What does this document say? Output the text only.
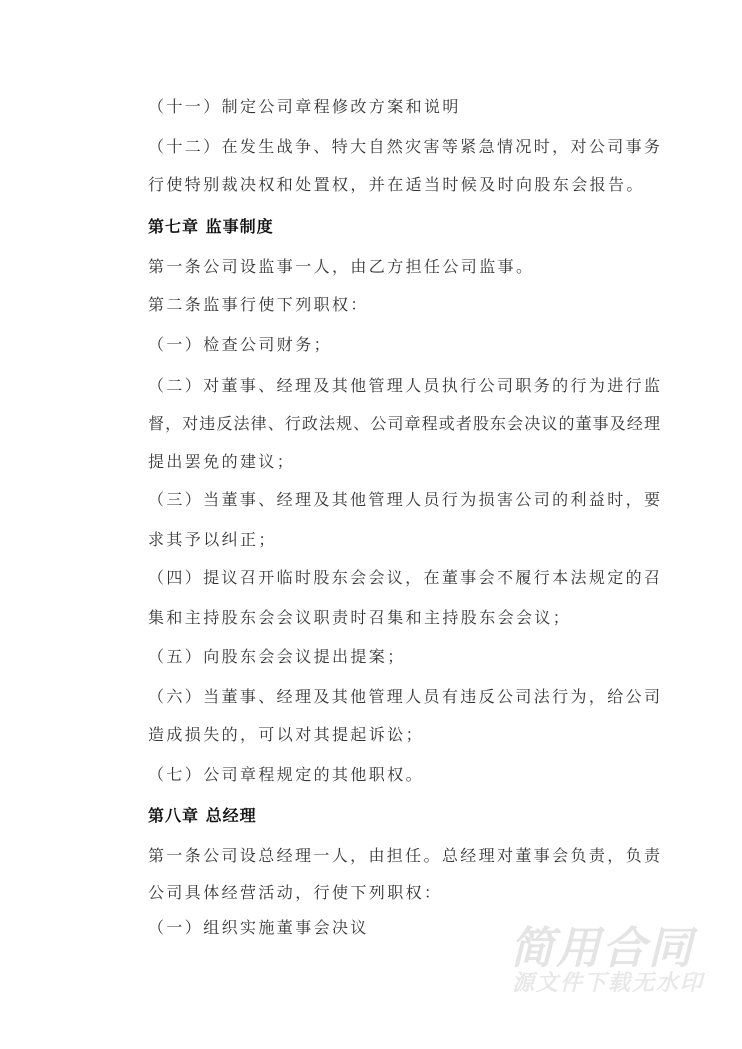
（十一）制定公司章程修改方案和说明
（十二）在发生战争、特大自然灾害等紧急情况时，对公司事务
行使特别裁决权和处置权，并在适当时候及时向股东会报告。
第七章 监事制度
第一条公司设监事一人，由乙方担任公司监事。
第二条监事行使下列职权：
（一）检查公司财务；
（二）对董事、经理及其他管理人员执行公司职务的行为进行监
督，对违反法律、行政法规、公司章程或者股东会决议的董事及经理
提出罢免的建议；
（三）当董事、经理及其他管理人员行为损害公司的利益时，要
求其予以纠正；
（四）提议召开临时股东会会议，在董事会不履行本法规定的召
集和主持股东会会议职责时召集和主持股东会会议；
（五）向股东会会议提出提案；
（六）当董事、经理及其他管理人员有违反公司法行为，给公司
造成损失的，可以对其提起诉讼；
（七）公司章程规定的其他职权。
第八章 总经理
第一条公司设总经理一人，由担任。总经理对董事会负责，负责
公司具体经营活动，行使下列职权：
（一）组织实施董事会决议	简用合同
源文件下载无水印
